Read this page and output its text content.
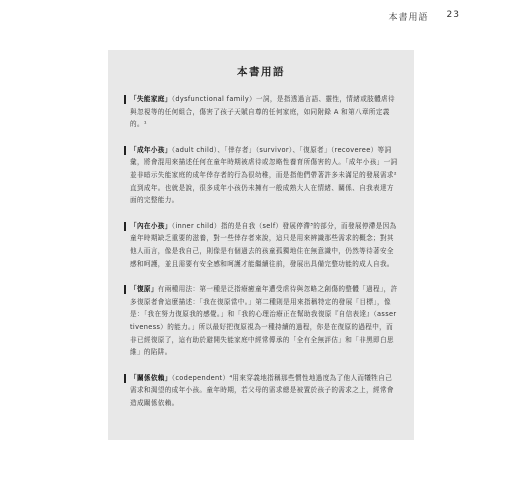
本書用語 23
本書用語
「失能家庭」（dysfunctional family）一詞，是指透過言語、靈性，情緒或肢體虐待與忽視等的任何組合，傷害了孩子天賦自尊的任何家庭，如同附錄 A 和第八章所定義的。¹
「成年小孩」（adult child）、「倖存者」（survivor）、「復原者」（recoveree）等詞彙，將會混用來描述任何在童年時期被虐待或忽略性養育所傷害的人。「成年小孩」一詞並非暗示失能家庭的成年倖存者的行為很幼稚，而是指他們帶著許多未滿足的發展需求²直到成年。也就是說，很多成年小孩仍未擁有一般成熟大人在情緒、關係、自我表達方面的完整能力。
「內在小孩」（inner child）指的是自我（self）發展停滯³的部分，而發展停滯是因為童年時期缺乏重要的滋養，對一些倖存者來說，這只是用來辨識那些需求的概念；對其他人而言，像是我自己，則像是有個過去的孩童孤獨地住在無意識中，仍然等待著安全感和呵護，並且需要有安全感和呵護才能繼續往前，發展出具備完整功能的成人自我。
「復原」有兩種用法：第一種是泛指療癒童年遭受虐待與忽略之創傷的整體「過程」，許多復原者會這麼描述：「我在復原當中。」第二種則是用來指稱特定的發展「目標」，像是：「我在努力復原我的感覺。」和「我的心理治療正在幫助我復原『自信表達』（assertiveness）的能力。」所以最好把復原視為一種持續的過程，你是在復原的過程中，而非已經復原了，這有助於避開失能家庭中經常傳承的「全有全無評估」和「非黑即白思維」的陷阱。
「關係依賴」（codependent）⁴用來穿義地指稱那些慣性地過度為了他人而犧牲自己需求和渴望的成年小孩。童年時期，若父母的需求總是被置於孩子的需求之上，經常會造成關係依賴。
